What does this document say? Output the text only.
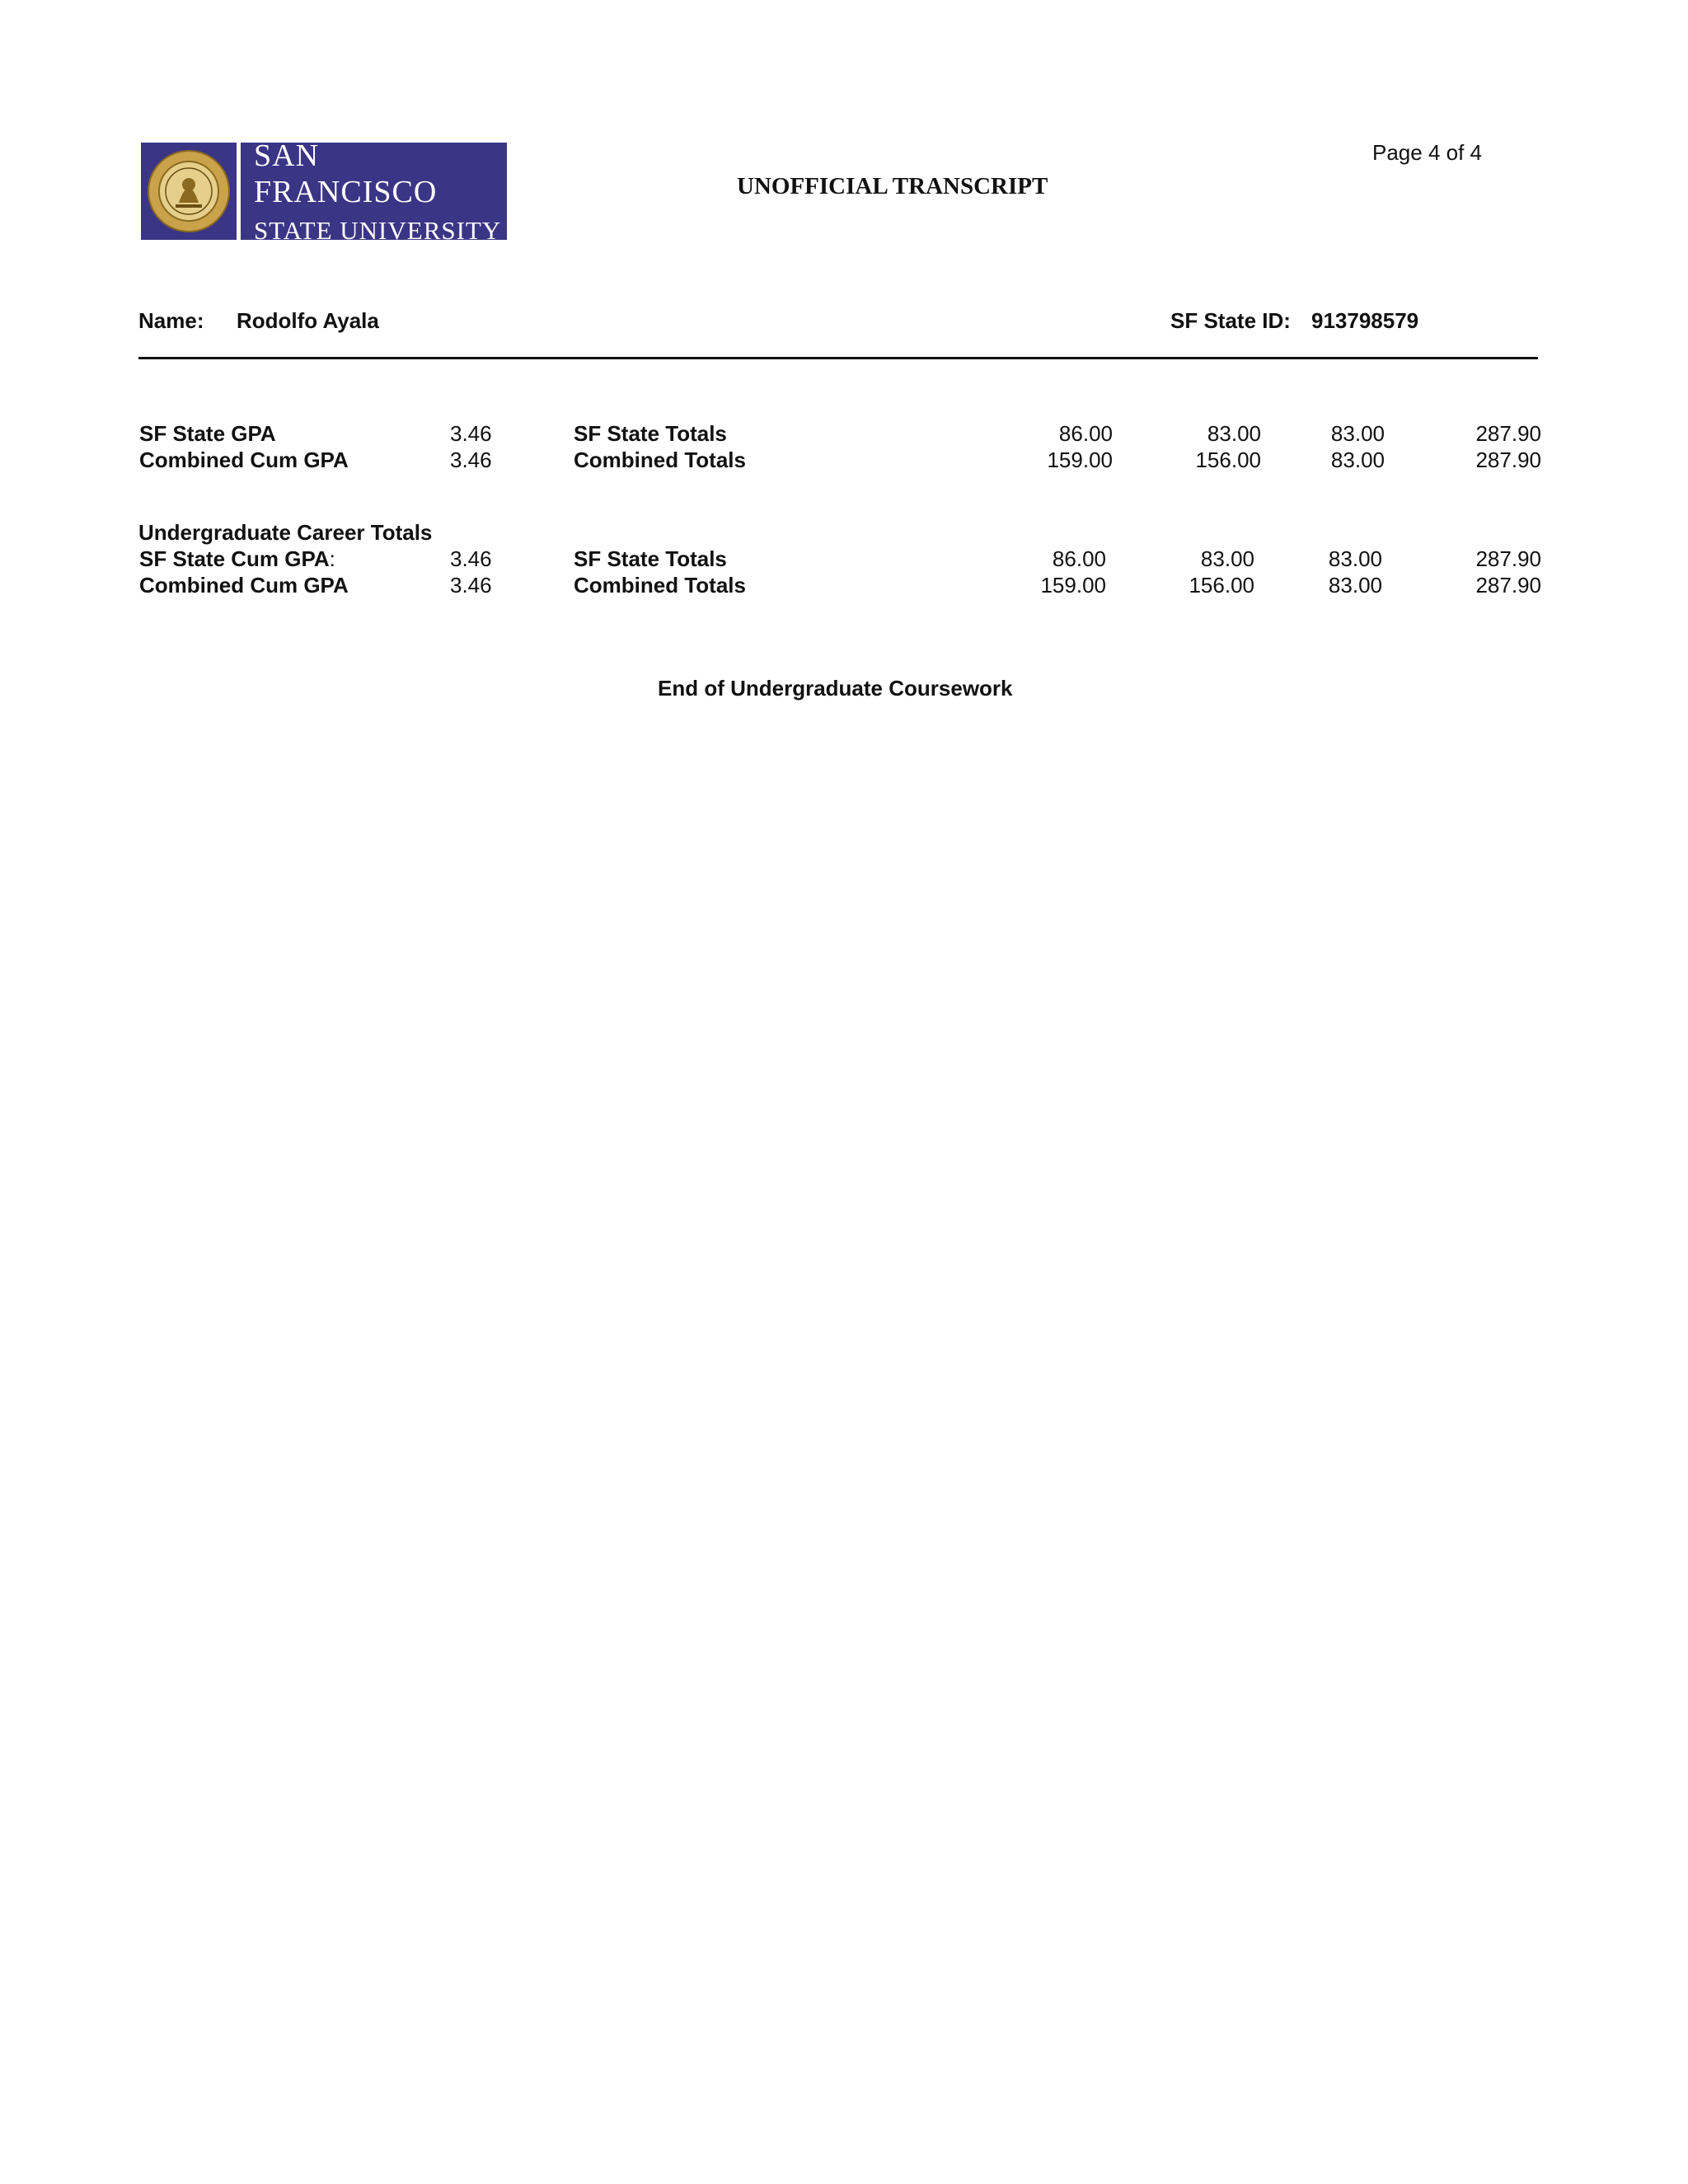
SAN FRANCISCO
STATE UNIVERSITY
Page 4 of 4
UNOFFICIAL TRANSCRIPT
Name: Rodolfo Ayala	SF State ID: 913798579
SF State GPA	3.46	SF State Totals	86.00	83.00	83.00	287.90
Combined Cum GPA	3.46	Combined Totals	159.00	156.00	83.00	287.90
Undergraduate Career Totals
SF State Cum GPA:	3.46	SF State Totals	86.00	83.00	83.00	287.90
Combined Cum GPA	3.46	Combined Totals	159.00	156.00	83.00	287.90
End of Undergraduate Coursework
